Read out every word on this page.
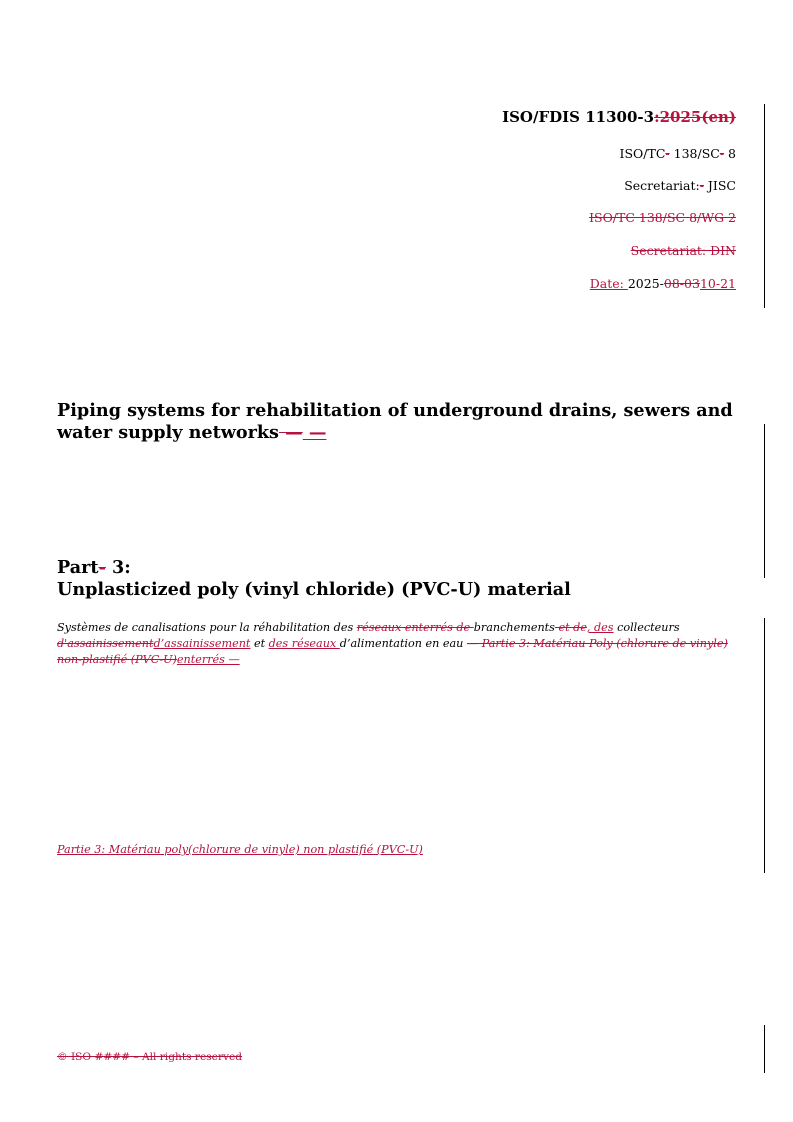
ISO/FDIS 11300-3:2025(en)
ISO/TC- 138/SC- 8
Secretariat:- JISC
ISO/TC 138/SC 8/WG 2
Secretariat: DIN
Date: 2025-08-0310-21
Piping systems for rehabilitation of underground drains, sewers and water supply networks — —
Part- 3:
Unplasticized poly (vinyl chloride) (PVC-U) material
Systèmes de canalisations pour la réhabilitation des réseaux enterrés de branchements et de, des collecteurs d'assainissementd’assainissement et des réseaux d’alimentation en eau — Partie 3: Matériau Poly (chlorure de vinyle) non-plastifié (PVC-U)enterrés —
Partie 3: Matériau poly(chlorure de vinyle) non plastifié (PVC-U)
© ISO #### – All rights reserved
